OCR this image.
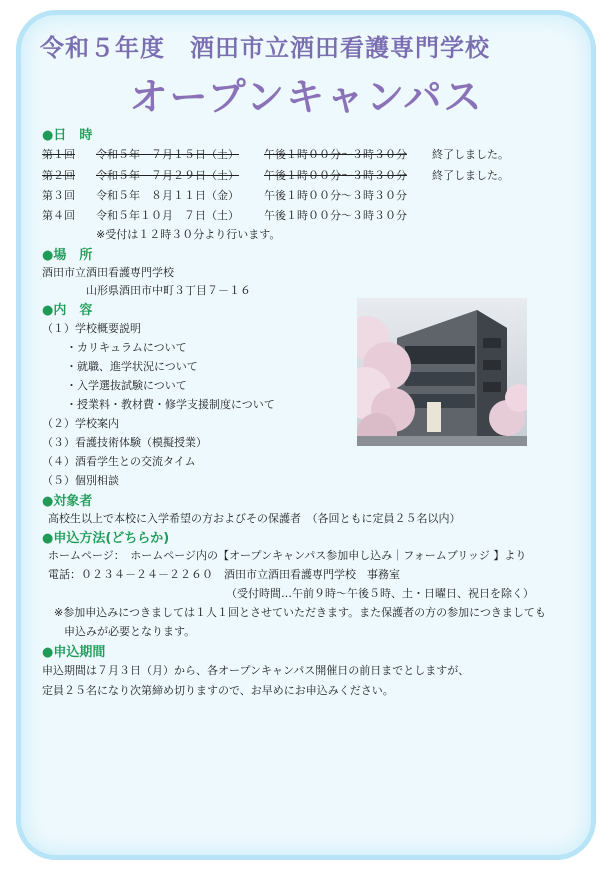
令和５年度　酒田市立酒田看護専門学校
オープンキャンパス
●日　時
第１回 令和５年　７月１５日（土） 午後１時００分～３時３０分 終了しました。
第２回 令和５年　７月２９日（土） 午後１時００分～３時３０分 終了しました。
第３回 令和５年　８月１１日（金） 午後１時００分～３時３０分
第４回 令和５年１０月　７日（土） 午後１時００分～３時３０分
※受付は１２時３０分より行います。
●場　所
酒田市立酒田看護専門学校
山形県酒田市中町３丁目７－１６
●内　容
（１）学校概要説明
・カリキュラムについて
・就職、進学状況について
・入学選抜試験について
・授業料・教材費・修学支援制度について
（２）学校案内
（３）看護技術体験（模擬授業）
（４）酒看学生との交流タイム
（５）個別相談
●対象者
高校生以上で本校に入学希望の方およびその保護者　（各回ともに定員２５名以内）
●申込方法(どちらか)
ホームページ：　ホームページ内の【オープンキャンパス参加申し込み｜フォームブリッジ 】より
電話：０２３４－２４－２２６０　酒田市立酒田看護専門学校　事務室
（受付時間…午前９時～午後５時、土・日曜日、祝日を除く）
※参加申込みにつきましては１人１回とさせていただきます。また保護者の方の参加につきましても
申込みが必要となります。
●申込期間
申込期間は７月３日（月）から、各オープンキャンパス開催日の前日までとしますが、
定員２５名になり次第締め切りますので、お早めにお申込みください。
